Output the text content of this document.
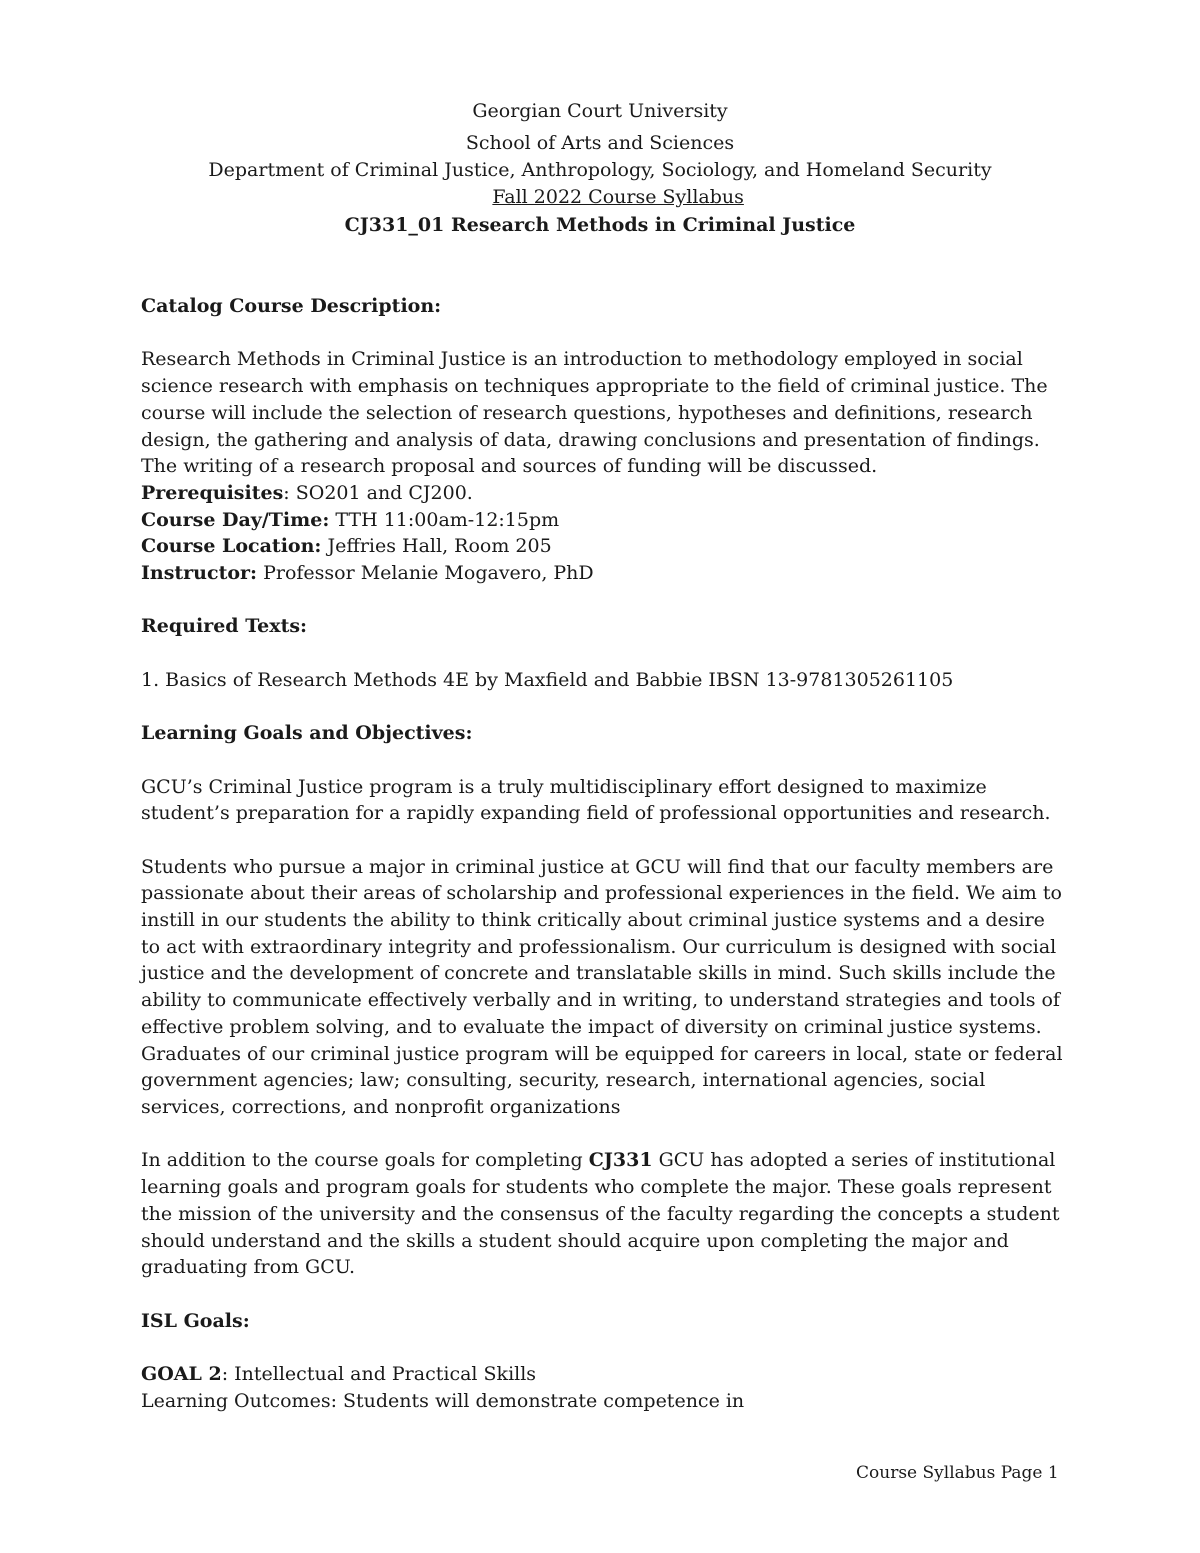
Georgian Court University
School of Arts and Sciences
Department of Criminal Justice, Anthropology, Sociology, and Homeland Security
Fall 2022 Course Syllabus
CJ331_01 Research Methods in Criminal Justice

Catalog Course Description:

Research Methods in Criminal Justice is an introduction to methodology employed in social science research with emphasis on techniques appropriate to the field of criminal justice. The course will include the selection of research questions, hypotheses and definitions, research design, the gathering and analysis of data, drawing conclusions and presentation of findings. The writing of a research proposal and sources of funding will be discussed.

Prerequisites: SO201 and CJ200.

Course Day/Time: TTH 11:00am-12:15pm

Course Location: Jeffries Hall, Room 205

Instructor: Professor Melanie Mogavero, PhD

Required Texts:

1. Basics of Research Methods 4E by Maxfield and Babbie IBSN 13-9781305261105

Learning Goals and Objectives:

GCU’s Criminal Justice program is a truly multidisciplinary effort designed to maximize student’s preparation for a rapidly expanding field of professional opportunities and research.

Students who pursue a major in criminal justice at GCU will find that our faculty members are passionate about their areas of scholarship and professional experiences in the field. We aim to instill in our students the ability to think critically about criminal justice systems and a desire to act with extraordinary integrity and professionalism. Our curriculum is designed with social justice and the development of concrete and translatable skills in mind. Such skills include the ability to communicate effectively verbally and in writing, to understand strategies and tools of effective problem solving, and to evaluate the impact of diversity on criminal justice systems. Graduates of our criminal justice program will be equipped for careers in local, state or federal government agencies; law; consulting, security, research, international agencies, social services, corrections, and nonprofit organizations

In addition to the course goals for completing CJ331 GCU has adopted a series of institutional learning goals and program goals for students who complete the major. These goals represent the mission of the university and the consensus of the faculty regarding the concepts a student should understand and the skills a student should acquire upon completing the major and graduating from GCU.

ISL Goals:

GOAL 2: Intellectual and Practical Skills

Learning Outcomes: Students will demonstrate competence in

Course Syllabus Page 1
